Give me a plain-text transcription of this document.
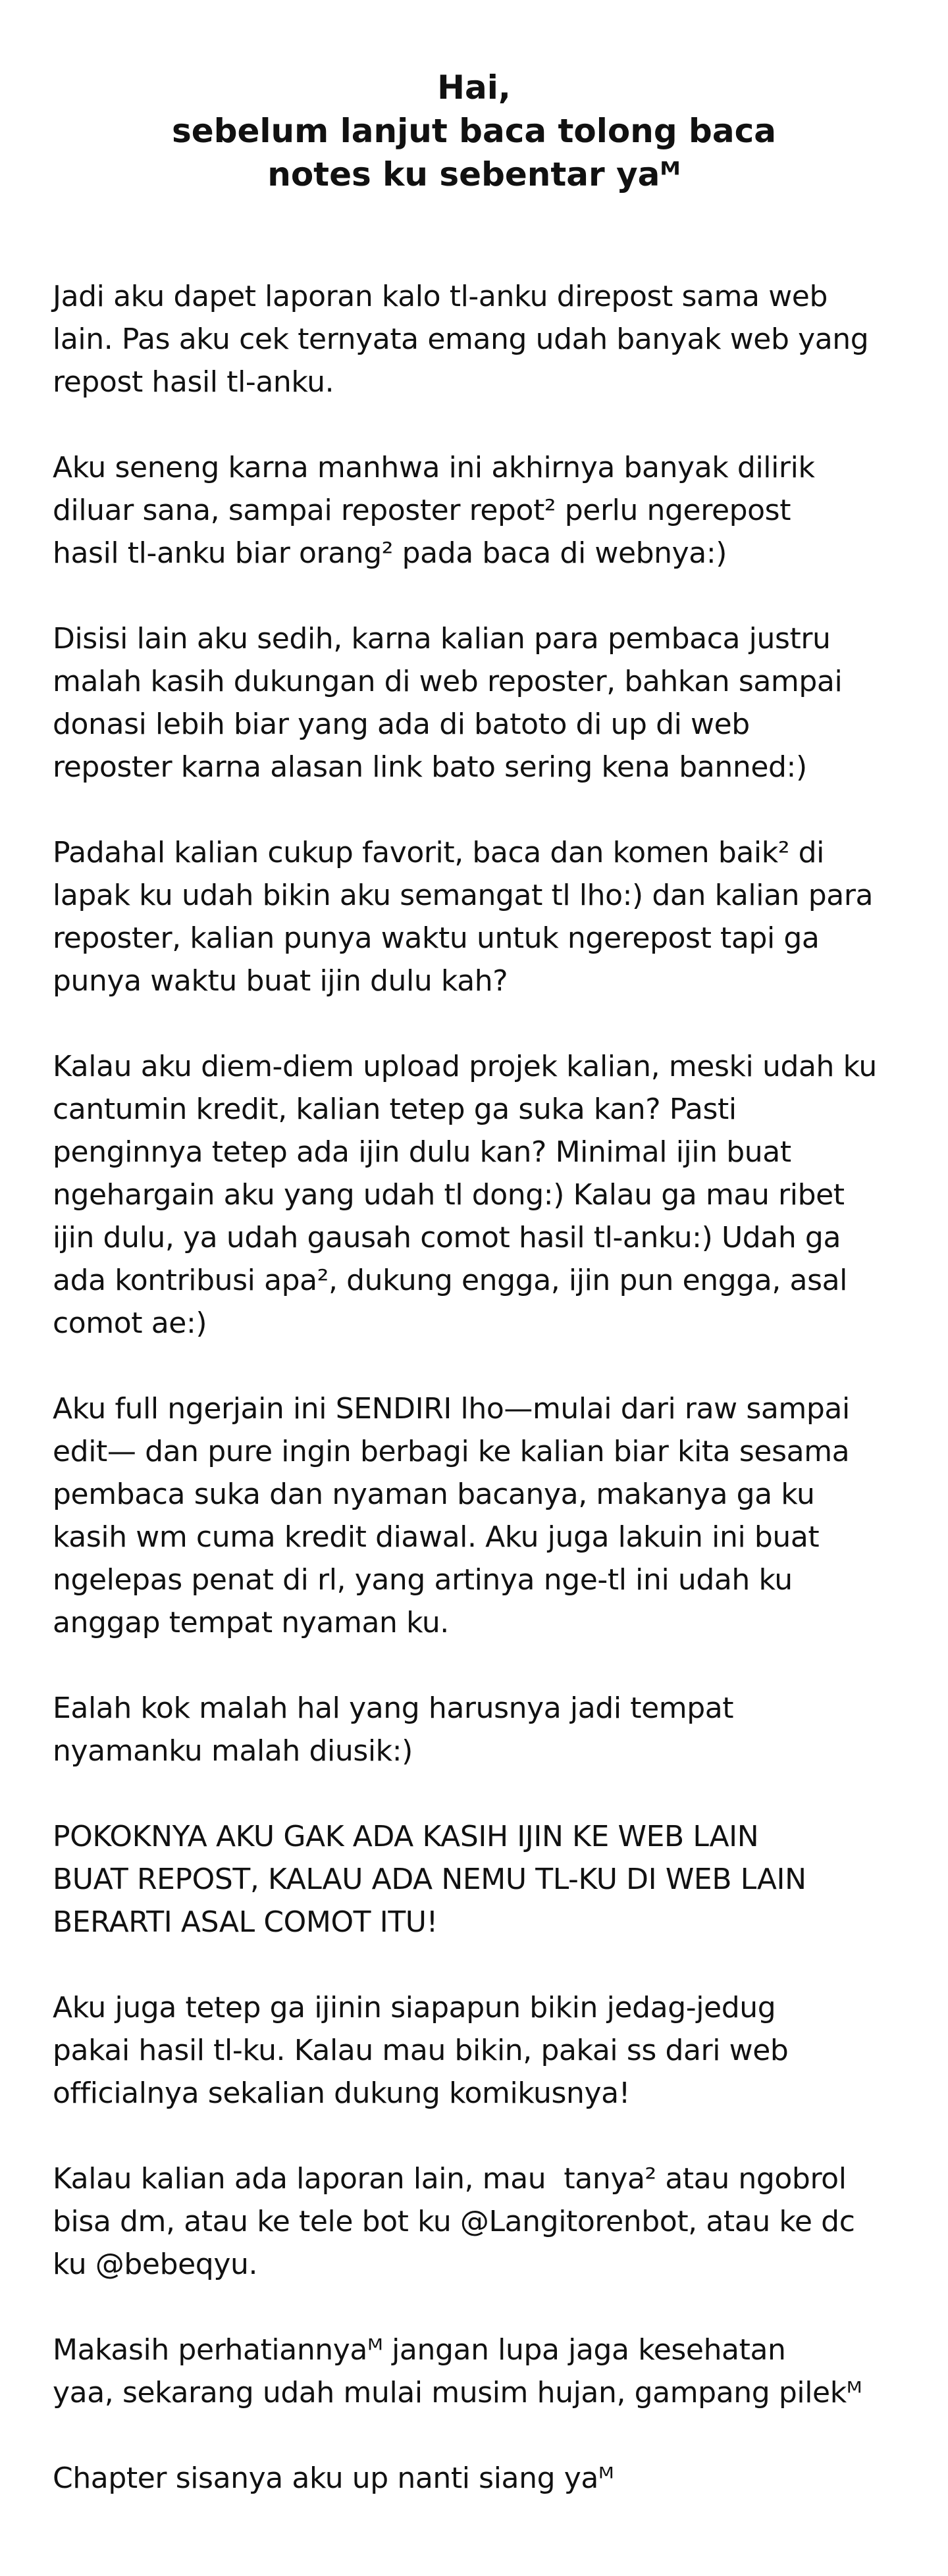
Hai,
sebelum lanjut baca tolong baca
notes ku sebentar yaᴹ
Jadi aku dapet laporan kalo tl-anku direpost sama web
lain. Pas aku cek ternyata emang udah banyak web yang
repost hasil tl-anku.
Aku seneng karna manhwa ini akhirnya banyak dilirik
diluar sana, sampai reposter repot² perlu ngerepost
hasil tl-anku biar orang² pada baca di webnya:)
Disisi lain aku sedih, karna kalian para pembaca justru
malah kasih dukungan di web reposter, bahkan sampai
donasi lebih biar yang ada di batoto di up di web
reposter karna alasan link bato sering kena banned:)
Padahal kalian cukup favorit, baca dan komen baik² di
lapak ku udah bikin aku semangat tl lho:) dan kalian para
reposter, kalian punya waktu untuk ngerepost tapi ga
punya waktu buat ijin dulu kah?
Kalau aku diem-diem upload projek kalian, meski udah ku
cantumin kredit, kalian tetep ga suka kan? Pasti
penginnya tetep ada ijin dulu kan? Minimal ijin buat
ngehargain aku yang udah tl dong:) Kalau ga mau ribet
ijin dulu, ya udah gausah comot hasil tl-anku:) Udah ga
ada kontribusi apa², dukung engga, ijin pun engga, asal
comot ae:)
Aku full ngerjain ini SENDIRI lho—mulai dari raw sampai
edit— dan pure ingin berbagi ke kalian biar kita sesama
pembaca suka dan nyaman bacanya, makanya ga ku
kasih wm cuma kredit diawal. Aku juga lakuin ini buat
ngelepas penat di rl, yang artinya nge-tl ini udah ku
anggap tempat nyaman ku.
Ealah kok malah hal yang harusnya jadi tempat
nyamanku malah diusik:)
POKOKNYA AKU GAK ADA KASIH IJIN KE WEB LAIN
BUAT REPOST, KALAU ADA NEMU TL-KU DI WEB LAIN
BERARTI ASAL COMOT ITU!
Aku juga tetep ga ijinin siapapun bikin jedag-jedug
pakai hasil tl-ku. Kalau mau bikin, pakai ss dari web
officialnya sekalian dukung komikusnya!
Kalau kalian ada laporan lain, mau  tanya² atau ngobrol
bisa dm, atau ke tele bot ku @Langitorenbot, atau ke dc
ku @bebeqyu.
Makasih perhatiannyaᴹ jangan lupa jaga kesehatan
yaa, sekarang udah mulai musim hujan, gampang pilekᴹ
Chapter sisanya aku up nanti siang yaᴹ
